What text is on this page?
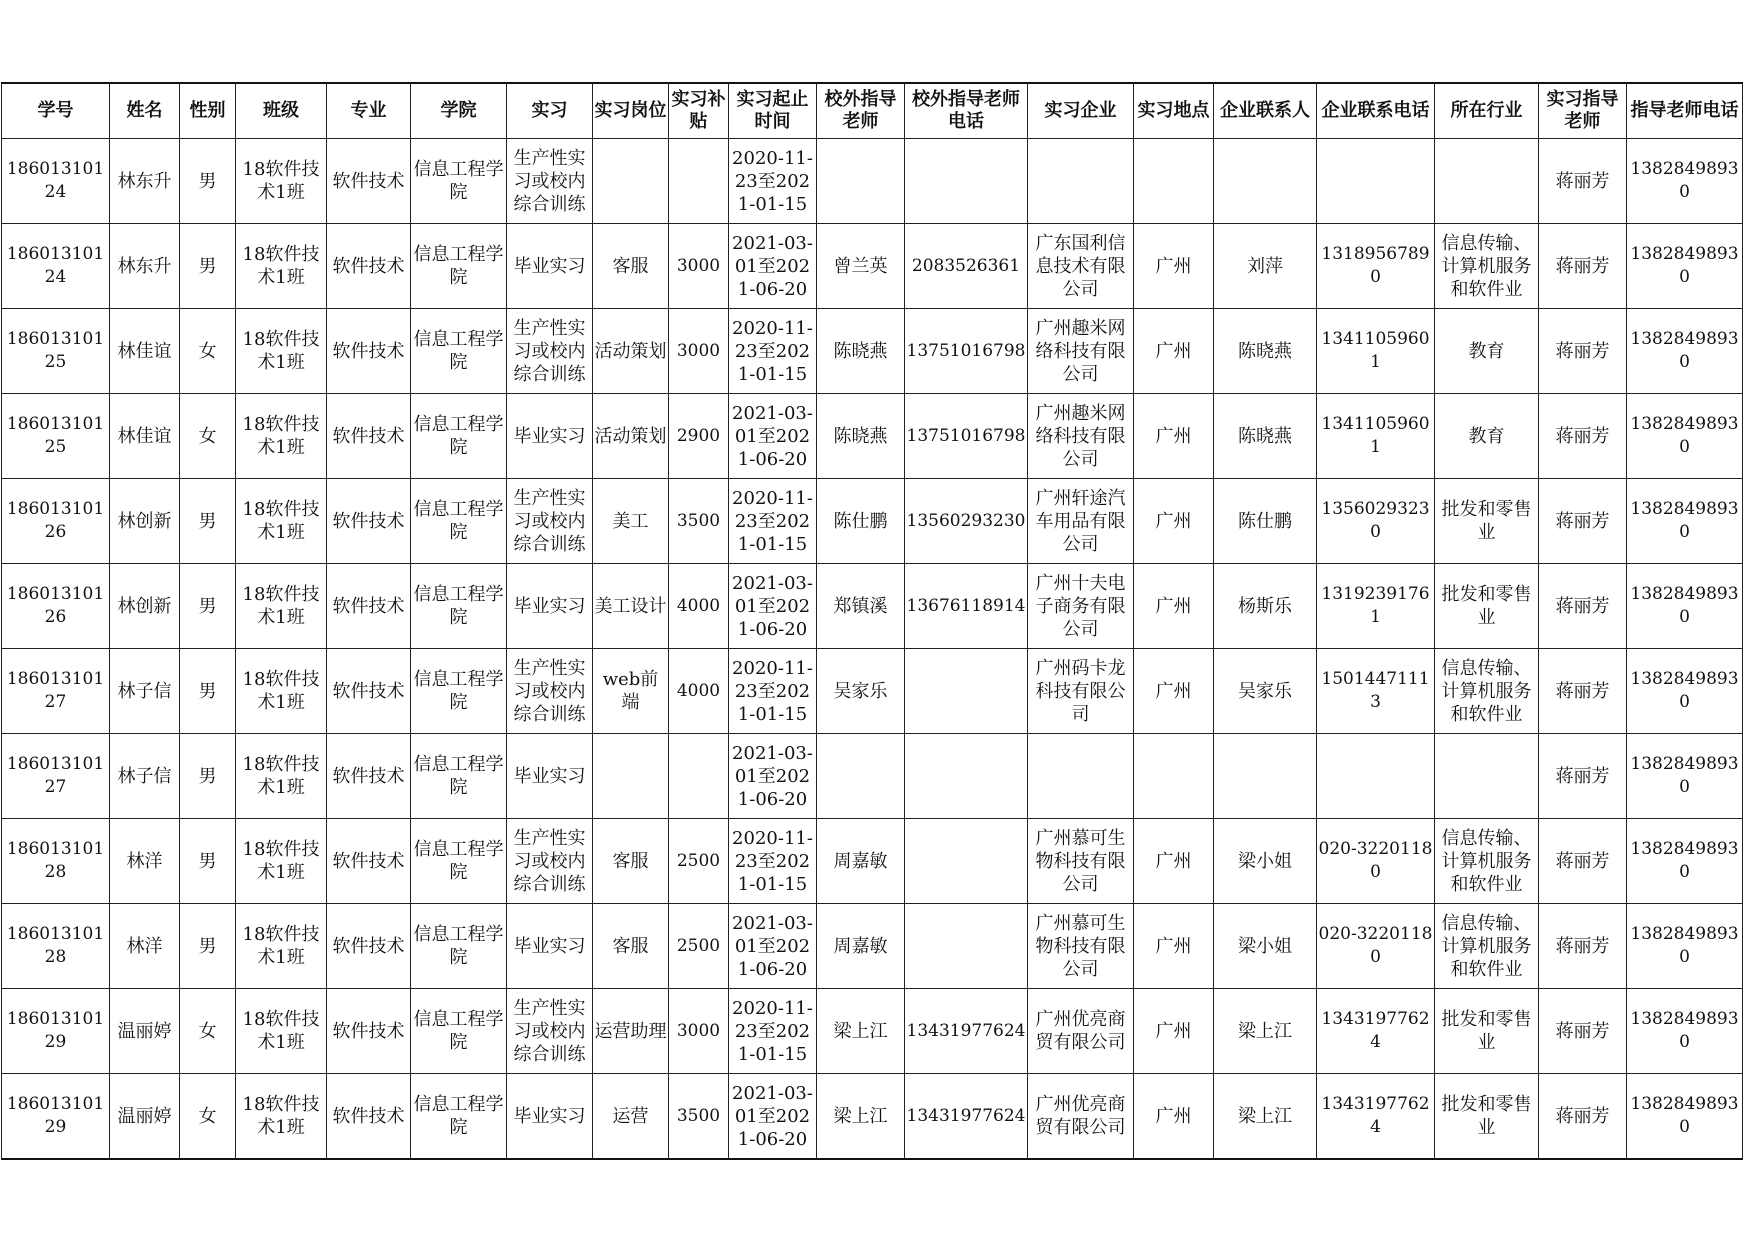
学号	姓名	性别	班级	专业	学院	实习	实习岗位	实习补贴	实习起止时间	校外指导老师	校外指导老师电话	实习企业	实习地点	企业联系人	企业联系电话	所在行业	实习指导老师	指导老师电话

18601310124	林东升	男	18软件技术1班	软件技术	信息工程学院	生产性实习或校内综合训练			2020-11-23至2021-01-15								蒋丽芳	13828498930

18601310124	林东升	男	18软件技术1班	软件技术	信息工程学院	毕业实习	客服	3000	2021-03-01至2021-06-20	曾兰英	2083526361	广东国利信息技术有限公司	广州	刘萍	13189567890	信息传输、计算机服务和软件业	蒋丽芳	13828498930

18601310125	林佳谊	女	18软件技术1班	软件技术	信息工程学院	生产性实习或校内综合训练	活动策划	3000	2020-11-23至2021-01-15	陈晓燕	13751016798	广州趣米网络科技有限公司	广州	陈晓燕	13411059601	教育	蒋丽芳	13828498930

18601310125	林佳谊	女	18软件技术1班	软件技术	信息工程学院	毕业实习	活动策划	2900	2021-03-01至2021-06-20	陈晓燕	13751016798	广州趣米网络科技有限公司	广州	陈晓燕	13411059601	教育	蒋丽芳	13828498930

18601310126	林创新	男	18软件技术1班	软件技术	信息工程学院	生产性实习或校内综合训练	美工	3500	2020-11-23至2021-01-15	陈仕鹏	13560293230	广州轩途汽车用品有限公司	广州	陈仕鹏	13560293230	批发和零售业	蒋丽芳	13828498930

18601310126	林创新	男	18软件技术1班	软件技术	信息工程学院	毕业实习	美工设计	4000	2021-03-01至2021-06-20	郑镇溪	13676118914	广州十夫电子商务有限公司	广州	杨斯乐	13192391761	批发和零售业	蒋丽芳	13828498930

18601310127	林子信	男	18软件技术1班	软件技术	信息工程学院	生产性实习或校内综合训练	web前端	4000	2020-11-23至2021-01-15	吴家乐		广州码卡龙科技有限公司	广州	吴家乐	15014471113	信息传输、计算机服务和软件业	蒋丽芳	13828498930

18601310127	林子信	男	18软件技术1班	软件技术	信息工程学院	毕业实习			2021-03-01至2021-06-20								蒋丽芳	13828498930

18601310128	林洋	男	18软件技术1班	软件技术	信息工程学院	生产性实习或校内综合训练	客服	2500	2020-11-23至2021-01-15	周嘉敏		广州慕可生物科技有限公司	广州	梁小姐	020-32201180	信息传输、计算机服务和软件业	蒋丽芳	13828498930

18601310128	林洋	男	18软件技术1班	软件技术	信息工程学院	毕业实习	客服	2500	2021-03-01至2021-06-20	周嘉敏		广州慕可生物科技有限公司	广州	梁小姐	020-32201180	信息传输、计算机服务和软件业	蒋丽芳	13828498930

18601310129	温丽婷	女	18软件技术1班	软件技术	信息工程学院	生产性实习或校内综合训练	运营助理	3000	2020-11-23至2021-01-15	梁上江	13431977624	广州优亮商贸有限公司	广州	梁上江	13431977624	批发和零售业	蒋丽芳	13828498930

18601310129	温丽婷	女	18软件技术1班	软件技术	信息工程学院	毕业实习	运营	3500	2021-03-01至2021-06-20	梁上江	13431977624	广州优亮商贸有限公司	广州	梁上江	13431977624	批发和零售业	蒋丽芳	13828498930
